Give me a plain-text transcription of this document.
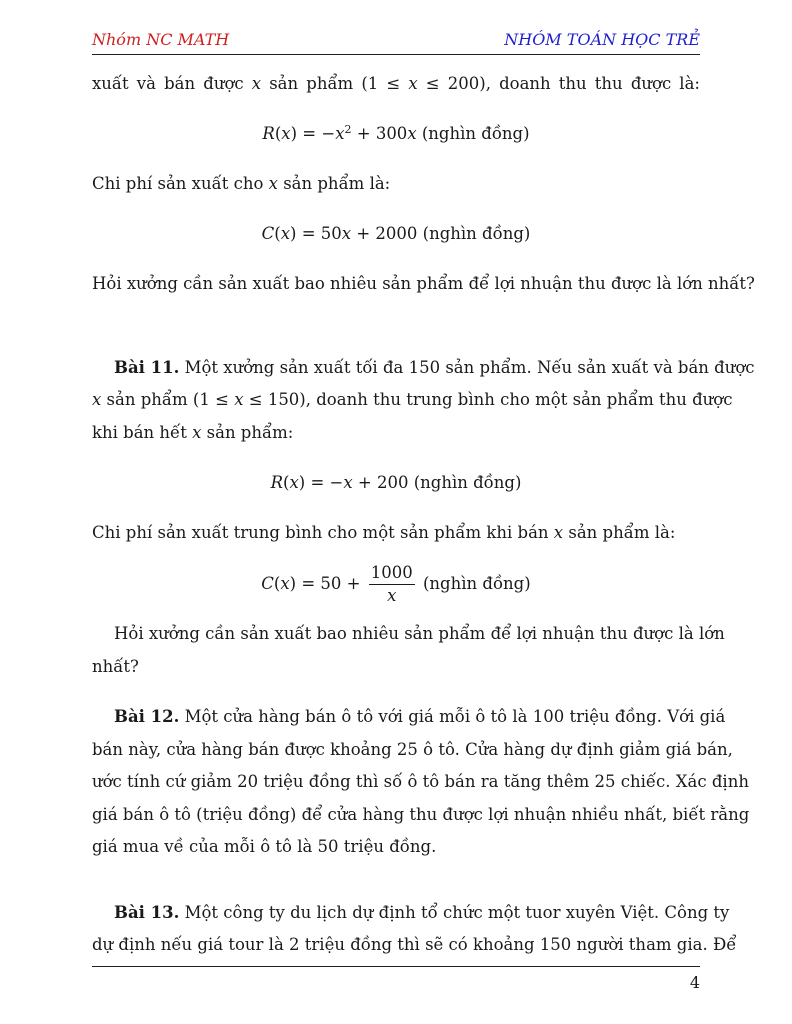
Nhóm NC MATH	NHÓM TOÁN HỌC TRẺ
xuất và bán được x sản phẩm (1 ≤ x ≤ 200), doanh thu thu được là:
$R(x) = -x^2 + 300x$ (nghìn đồng)
Chi phí sản xuất cho x sản phẩm là:
C(x) = 50x + 2000 (nghìn đồng)
Hỏi xưởng cần sản xuất bao nhiêu sản phẩm để lợi nhuận thu được là lớn nhất?
Bài 11. Một xưởng sản xuất tối đa 150 sản phẩm. Nếu sản xuất và bán được
x sản phẩm (1 ≤ x ≤ 150), doanh thu trung bình cho một sản phẩm thu được
khi bán hết x sản phẩm:
R(x) = −x + 200 (nghìn đồng)
Chi phí sản xuất trung bình cho một sản phẩm khi bán x sản phẩm là:
$C(x) = 50 + \frac{1000}{x}$ (nghìn đồng)
Hỏi xưởng cần sản xuất bao nhiêu sản phẩm để lợi nhuận thu được là lớn
nhất?
Bài 12. Một cửa hàng bán ô tô với giá mỗi ô tô là 100 triệu đồng. Với giá
bán này, cửa hàng bán được khoảng 25 ô tô. Cửa hàng dự định giảm giá bán,
ước tính cứ giảm 20 triệu đồng thì số ô tô bán ra tăng thêm 25 chiếc. Xác định
giá bán ô tô (triệu đồng) để cửa hàng thu được lợi nhuận nhiều nhất, biết rằng
giá mua về của mỗi ô tô là 50 triệu đồng.
Bài 13. Một công ty du lịch dự định tổ chức một tuor xuyên Việt. Công ty
dự định nếu giá tour là 2 triệu đồng thì sẽ có khoảng 150 người tham gia. Để
4
